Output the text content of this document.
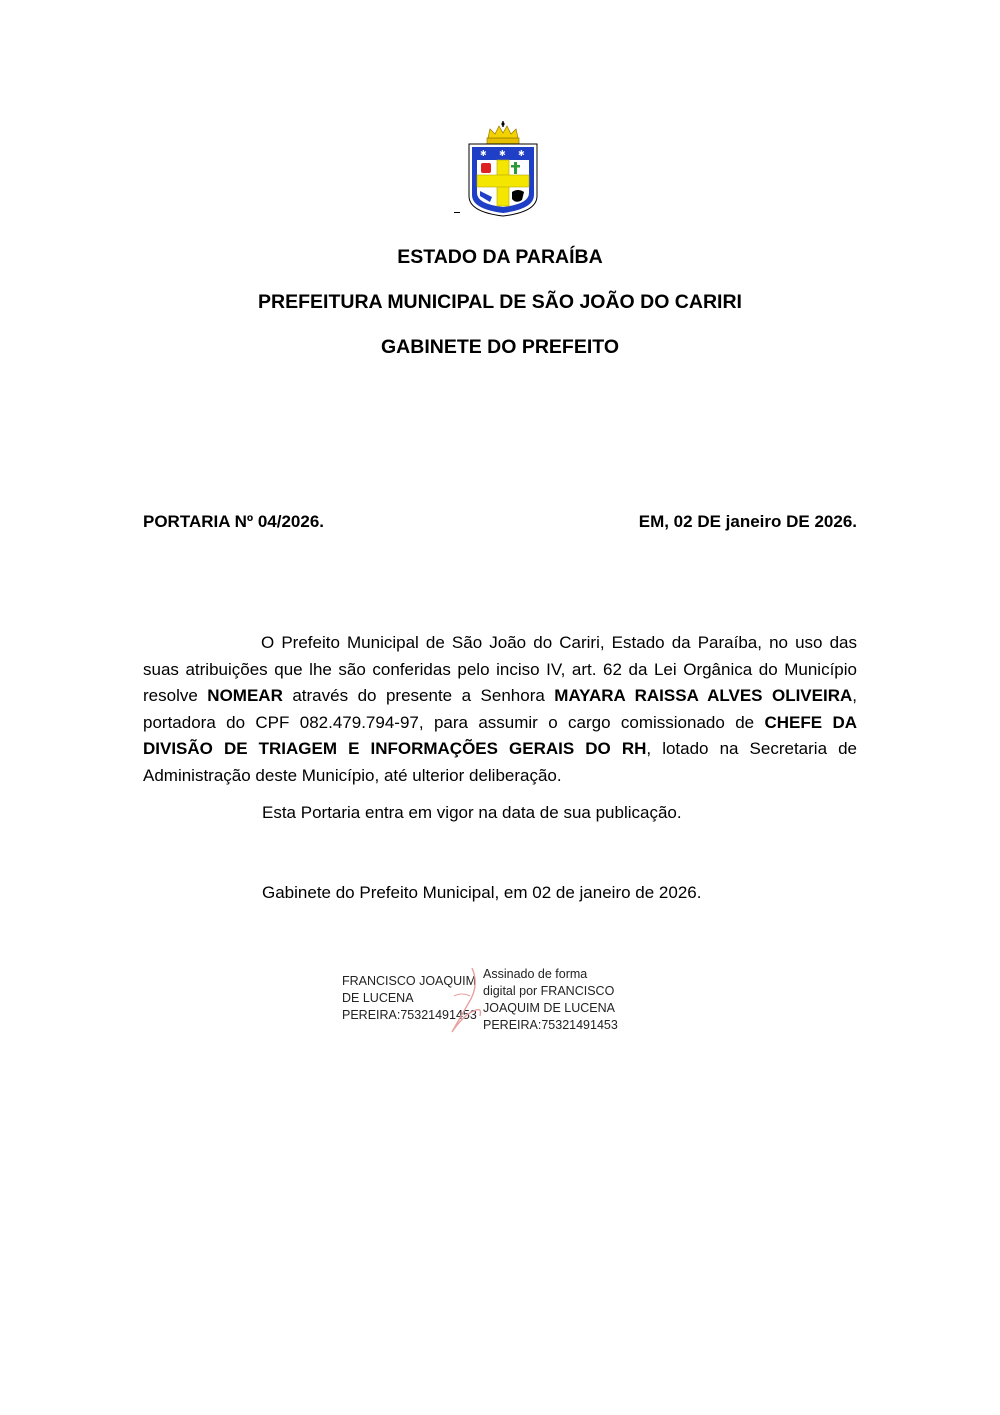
✱ ✱ ✱
ESTADO DA PARAÍBA
PREFEITURA MUNICIPAL DE SÃO JOÃO DO CARIRI
GABINETE DO PREFEITO
PORTARIA Nº 04/2026.	EM, 02 DE janeiro DE 2026.
O Prefeito Municipal de São João do Cariri, Estado da Paraíba, no uso das suas atribuições que lhe são conferidas pelo inciso IV, art. 62 da Lei Orgânica do Município resolve NOMEAR através do presente a Senhora MAYARA RAISSA ALVES OLIVEIRA, portadora do CPF 082.479.794-97, para assumir o cargo comissionado de CHEFE DA DIVISÃO DE TRIAGEM E INFORMAÇÕES GERAIS DO RH, lotado na Secretaria de Administração deste Município, até ulterior deliberação.
Esta Portaria entra em vigor na data de sua publicação.
Gabinete do Prefeito Municipal, em 02 de janeiro de 2026.
FRANCISCO JOAQUIM
DE LUCENA
PEREIRA:75321491453
Assinado de forma
digital por FRANCISCO
JOAQUIM DE LUCENA
PEREIRA:75321491453
